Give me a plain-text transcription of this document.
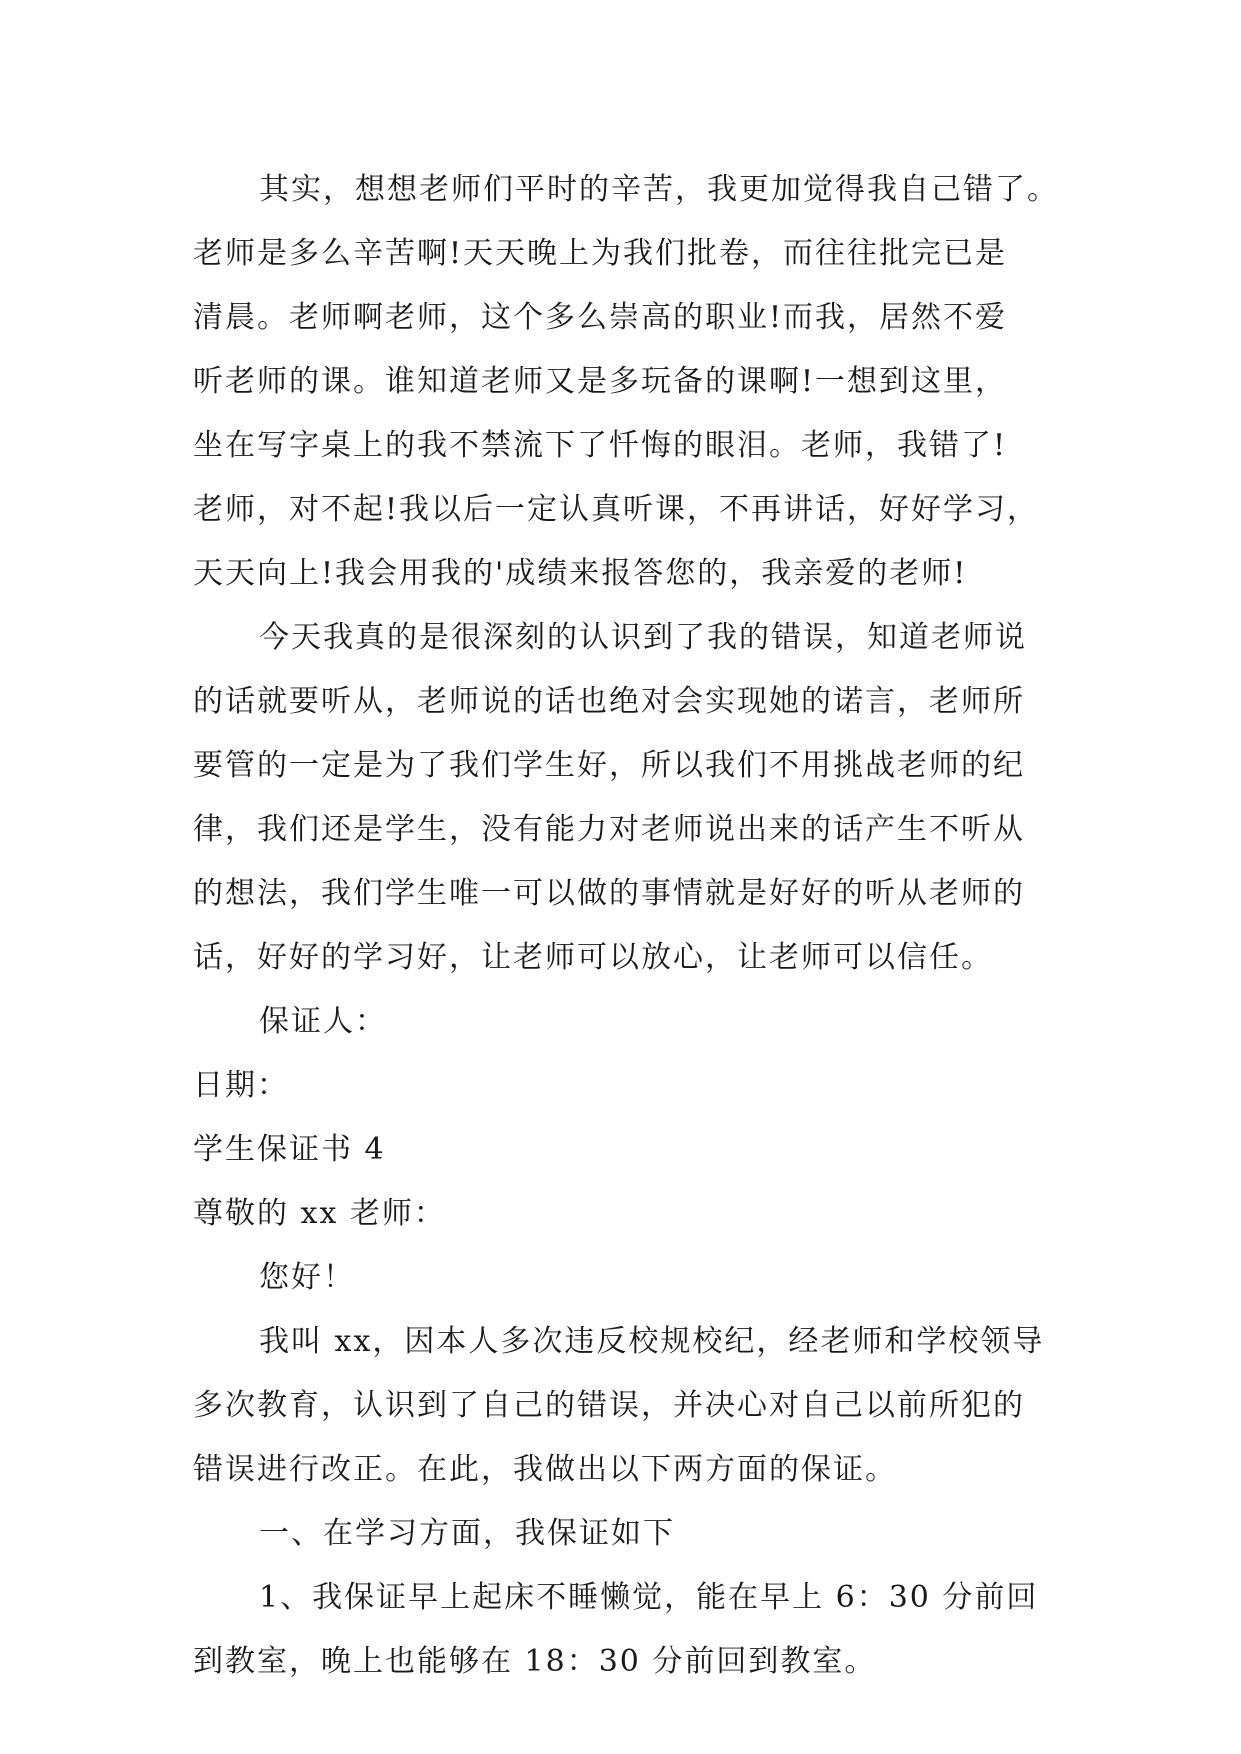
其实，想想老师们平时的辛苦，我更加觉得我自己错了。
老师是多么辛苦啊!天天晚上为我们批卷，而往往批完已是
清晨。老师啊老师，这个多么崇高的职业!而我，居然不爱
听老师的课。谁知道老师又是多玩备的课啊!一想到这里，
坐在写字桌上的我不禁流下了忏悔的眼泪。老师，我错了!
老师，对不起!我以后一定认真听课，不再讲话，好好学习，
天天向上!我会用我的'成绩来报答您的，我亲爱的老师!
今天我真的是很深刻的认识到了我的错误，知道老师说
的话就要听从，老师说的话也绝对会实现她的诺言，老师所
要管的一定是为了我们学生好，所以我们不用挑战老师的纪
律，我们还是学生，没有能力对老师说出来的话产生不听从
的想法，我们学生唯一可以做的事情就是好好的听从老师的
话，好好的学习好，让老师可以放心，让老师可以信任。
保证人：
日期：
学生保证书 4
尊敬的 xx 老师：
您好！
我叫 xx，因本人多次违反校规校纪，经老师和学校领导
多次教育，认识到了自己的错误，并决心对自己以前所犯的
错误进行改正。在此，我做出以下两方面的保证。
一、在学习方面，我保证如下
1、我保证早上起床不睡懒觉，能在早上 6：30 分前回
到教室，晚上也能够在 18：30 分前回到教室。
